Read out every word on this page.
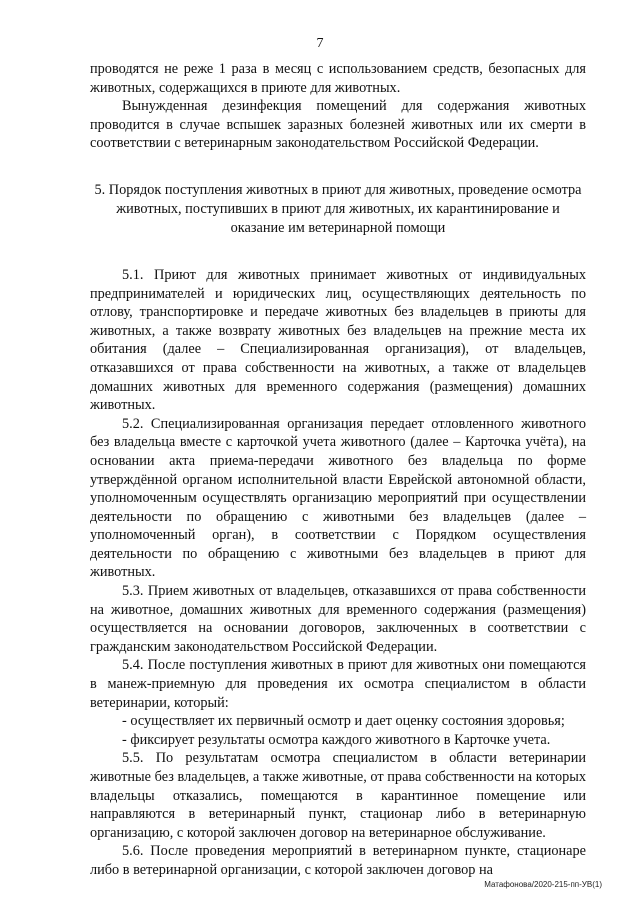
7

проводятся не реже 1 раза в месяц с использованием средств, безопасных для животных, содержащихся в приюте для животных.

Вынужденная дезинфекция помещений для содержания животных проводится в случае вспышек заразных болезней животных или их смерти в соответствии с ветеринарным законодательством Российской Федерации.

5. Порядок поступления животных в приют для животных, проведение осмотра животных, поступивших в приют для животных, их карантинирование и оказание им ветеринарной помощи

5.1. Приют для животных принимает животных от индивидуальных предпринимателей и юридических лиц, осуществляющих деятельность по отлову, транспортировке и передаче животных без владельцев в приюты для животных, а также возврату животных без владельцев на прежние места их обитания (далее – Специализированная организация), от владельцев, отказавшихся от права собственности на животных, а также от владельцев домашних животных для временного содержания (размещения) домашних животных.

5.2. Специализированная организация передает отловленного животного без владельца вместе с карточкой учета животного (далее – Карточка учёта), на основании акта приема-передачи животного без владельца по форме утверждённой органом исполнительной власти Еврейской автономной области, уполномоченным осуществлять организацию мероприятий при осуществлении деятельности по обращению с животными без владельцев (далее – уполномоченный орган), в соответствии с Порядком осуществления деятельности по обращению с животными без владельцев в приют для животных.

5.3. Прием животных от владельцев, отказавшихся от права собственности на животное, домашних животных для временного содержания (размещения) осуществляется на основании договоров, заключенных в соответствии с гражданским законодательством Российской Федерации.

5.4. После поступления животных в приют для животных они помещаются в манеж-приемную для проведения их осмотра специалистом в области ветеринарии, который:

- осуществляет их первичный осмотр и дает оценку состояния здоровья;

- фиксирует результаты осмотра каждого животного в Карточке учета.

5.5. По результатам осмотра специалистом в области ветеринарии животные без владельцев, а также животные, от права собственности на которых владельцы отказались, помещаются в карантинное помещение или направляются в ветеринарный пункт, стационар либо в ветеринарную организацию, с которой заключен договор на ветеринарное обслуживание.

5.6. После проведения мероприятий в ветеринарном пункте, стационаре либо в ветеринарной организации, с которой заключен договор на

Матафонова/2020-215-пп-УВ(1)
